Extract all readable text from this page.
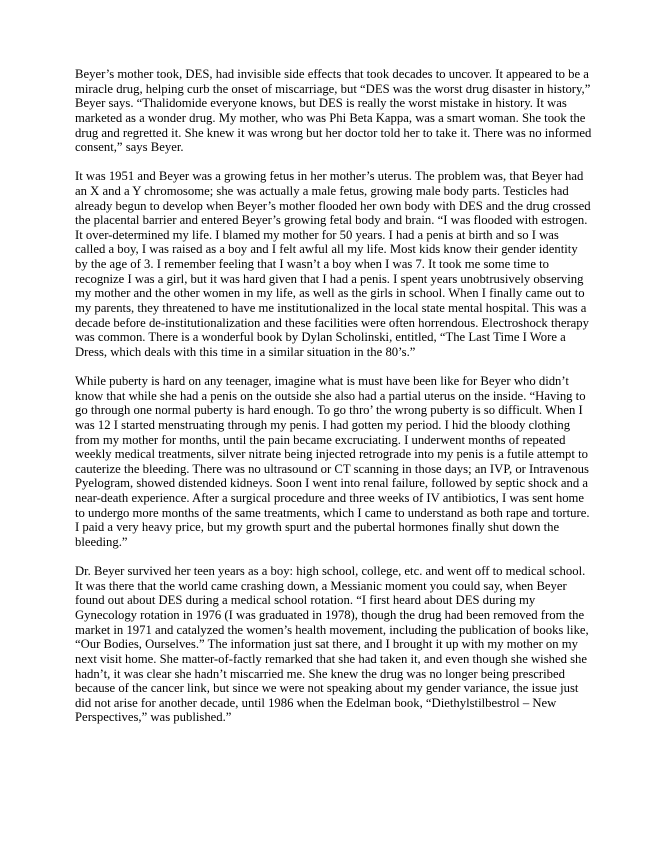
Beyer’s mother took, DES, had invisible side effects that took decades to uncover. It appeared to be a miracle drug, helping curb the onset of miscarriage, but “DES was the worst drug disaster in history,” Beyer says. “Thalidomide everyone knows, but DES is really the worst mistake in history. It was marketed as a wonder drug. My mother, who was Phi Beta Kappa, was a smart woman. She took the drug and regretted it. She knew it was wrong but her doctor told her to take it. There was no informed consent,” says Beyer.

It was 1951 and Beyer was a growing fetus in her mother’s uterus. The problem was, that Beyer had an X and a Y chromosome; she was actually a male fetus, growing male body parts. Testicles had already begun to develop when Beyer’s mother flooded her own body with DES and the drug crossed the placental barrier and entered Beyer’s growing fetal body and brain. “I was flooded with estrogen. It over-determined my life. I blamed my mother for 50 years. I had a penis at birth and so I was called a boy, I was raised as a boy and I felt awful all my life. Most kids know their gender identity by the age of 3. I remember feeling that I wasn’t a boy when I was 7. It took me some time to recognize I was a girl, but it was hard given that I had a penis. I spent years unobtrusively observing my mother and the other women in my life, as well as the girls in school. When I finally came out to my parents, they threatened to have me institutionalized in the local state mental hospital. This was a decade before de-institutionalization and these facilities were often horrendous. Electroshock therapy was common. There is a wonderful book by Dylan Scholinski, entitled, “The Last Time I Wore a Dress, which deals with this time in a similar situation in the 80’s.”

While puberty is hard on any teenager, imagine what is must have been like for Beyer who didn’t know that while she had a penis on the outside she also had a partial uterus on the inside. “Having to go through one normal puberty is hard enough. To go thro’ the wrong puberty is so difficult. When I was 12 I started menstruating through my penis. I had gotten my period. I hid the bloody clothing from my mother for months, until the pain became excruciating. I underwent months of repeated weekly medical treatments, silver nitrate being injected retrograde into my penis is a futile attempt to cauterize the bleeding. There was no ultrasound or CT scanning in those days; an IVP, or Intravenous Pyelogram, showed distended kidneys. Soon I went into renal failure, followed by septic shock and a near-death experience. After a surgical procedure and three weeks of IV antibiotics, I was sent home to undergo more months of the same treatments, which I came to understand as both rape and torture. I paid a very heavy price, but my growth spurt and the pubertal hormones finally shut down the bleeding.”

Dr. Beyer survived her teen years as a boy: high school, college, etc. and went off to medical school. It was there that the world came crashing down, a Messianic moment you could say, when Beyer found out about DES during a medical school rotation. “I first heard about DES during my Gynecology rotation in 1976 (I was graduated in 1978), though the drug had been removed from the market in 1971 and catalyzed the women’s health movement, including the publication of books like, “Our Bodies, Ourselves.” The information just sat there, and I brought it up with my mother on my next visit home. She matter-of-factly remarked that she had taken it, and even though she wished she hadn’t, it was clear she hadn’t miscarried me. She knew the drug was no longer being prescribed because of the cancer link, but since we were not speaking about my gender variance, the issue just did not arise for another decade, until 1986 when the Edelman book, “Diethylstilbestrol – New Perspectives,” was published.”
